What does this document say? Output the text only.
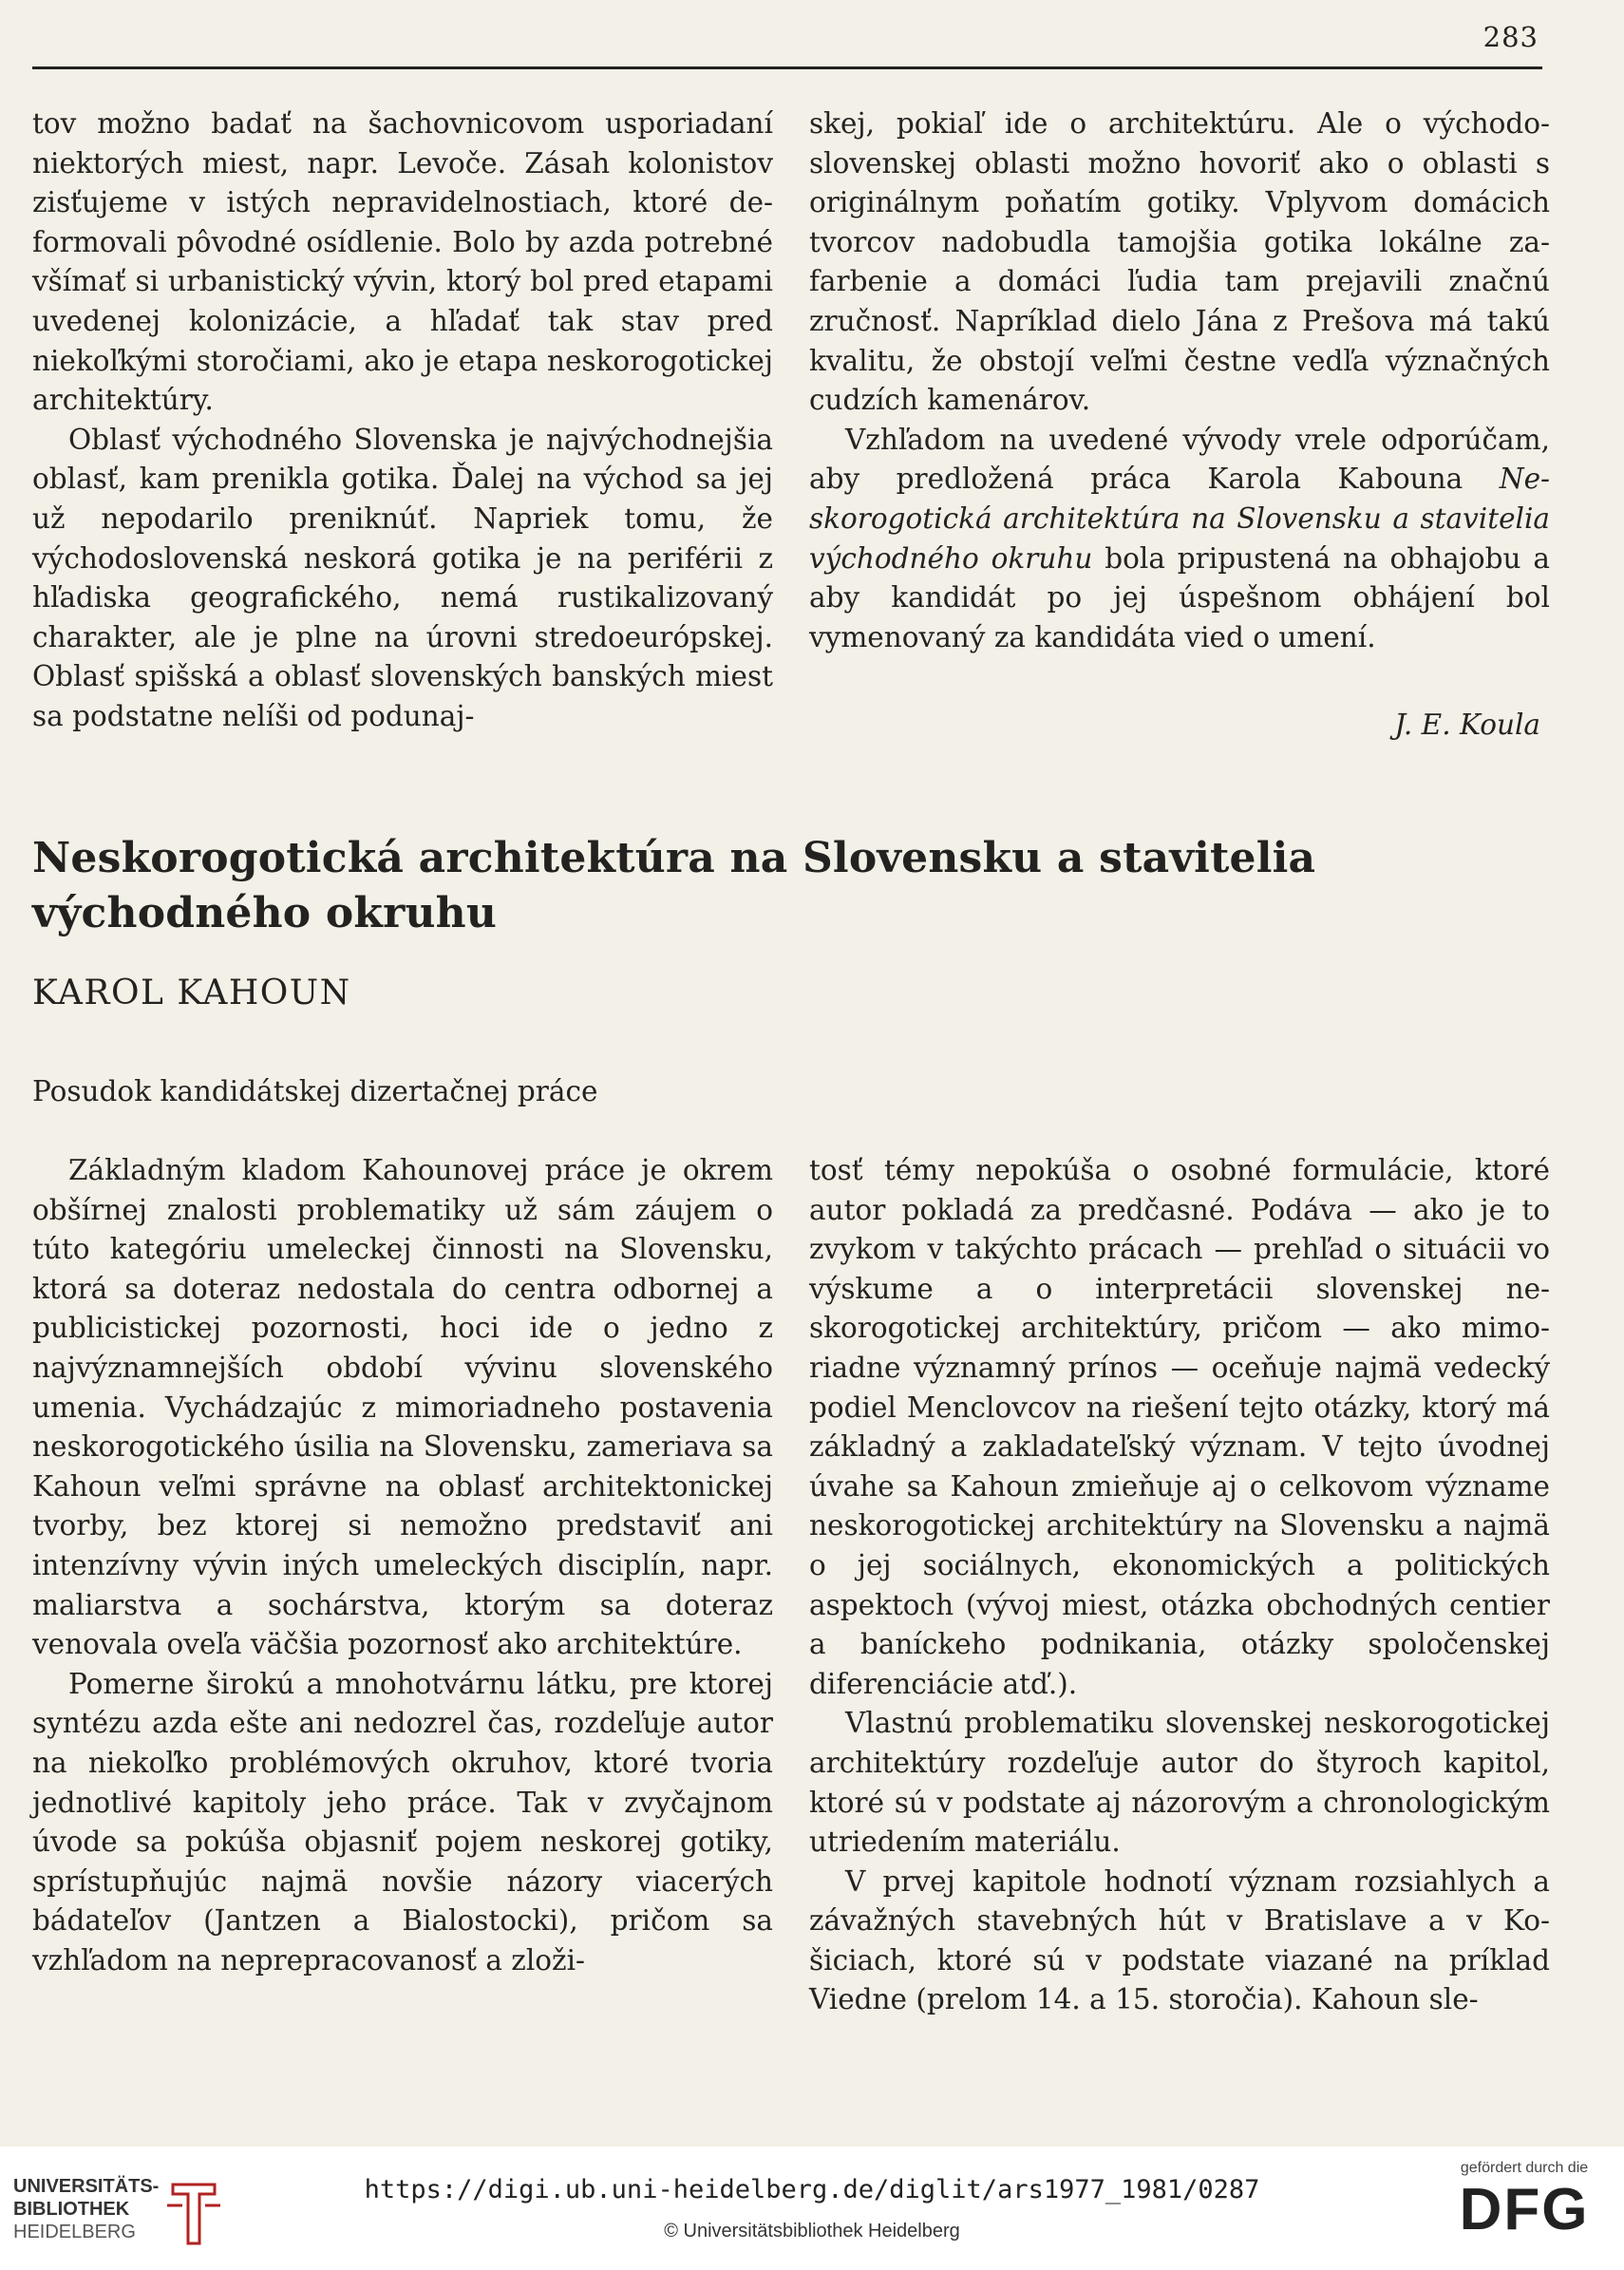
283

tov možno badať na šachovnicovom usporiadaní niektorých miest, napr. Levoče. Zásah kolonistov zisťujeme v istých nepravidelnostiach, ktoré deformovali pôvodné osídlenie. Bolo by azda potrebné všímať si urbanistický vývin, ktorý bol pred etapami uvedenej kolonizácie, a hľadať tak stav pred niekoľkými storočiami, ako je etapa neskorogotickej architektúry.

Oblasť východného Slovenska je najvýchodnejšia oblasť, kam prenikla gotika. Ďalej na východ sa jej už nepodarilo preniknúť. Napriek tomu, že východoslovenská neskorá gotika je na periférii z hľadiska geografického, nemá rustikalizovaný charakter, ale je plne na úrovni stredoeurópskej. Oblasť spišská a oblasť slovenských banských miest sa podstatne nelíši od podunaj-

skej, pokiaľ ide o architektúru. Ale o východoslovenskej oblasti možno hovoriť ako o oblasti s originálnym poňatím gotiky. Vplyvom domácich tvorcov nadobudla tamojšia gotika lokálne zafarbenie a domáci ľudia tam prejavili značnú zručnosť. Napríklad dielo Jána z Prešova má takú kvalitu, že obstojí veľmi čestne vedľa význačných cudzích kamenárov.

Vzhľadom na uvedené vývody vrele odporúčam, aby predložená práca Karola Kabouna Neskorogotická architektúra na Slovensku a stavitelia východného okruhu bola pripustená na obhajobu a aby kandidát po jej úspešnom obhájení bol vymenovaný za kandidáta vied o umení.

J. E. Koula
Neskorogotická architektúra na Slovensku a stavitelia východného okruhu
KAROL KAHOUN
Posudok kandidátskej dizertačnej práce

Základným kladom Kahounovej práce je okrem obšírnej znalosti problematiky už sám záujem o túto kategóriu umeleckej činnosti na Slovensku, ktorá sa doteraz nedostala do centra odbornej a publicistickej pozornosti, hoci ide o jedno z najvýznamnejších období vývinu slovenského umenia. Vychádzajúc z mimoriadneho postavenia neskorogotického úsilia na Slovensku, zameriava sa Kahoun veľmi správne na oblasť architektonickej tvorby, bez ktorej si nemožno predstaviť ani intenzívny vývin iných umeleckých disciplín, napr. maliarstva a sochárstva, ktorým sa doteraz venovala oveľa väčšia pozornosť ako architektúre.

Pomerne širokú a mnohotvárnu látku, pre ktorej syntézu azda ešte ani nedozrel čas, rozdeľuje autor na niekoľko problémových okruhov, ktoré tvoria jednotlivé kapitoly jeho práce. Tak v zvyčajnom úvode sa pokúša objasniť pojem neskorej gotiky, sprístupňujúc najmä novšie názory viacerých bádateľov (Jantzen a Bialostocki), pričom sa vzhľadom na neprepracovanosť a zloži-

tosť témy nepokúša o osobné formulácie, ktoré autor pokladá za predčasné. Podáva — ako je to zvykom v takýchto prácach — prehľad o situácii vo výskume a o interpretácii slovenskej neskorogotickej architektúry, pričom — ako mimoriadne významný prínos — oceňuje najmä vedecký podiel Menclovcov na riešení tejto otázky, ktorý má základný a zakladateľský význam. V tejto úvodnej úvahe sa Kahoun zmieňuje aj o celkovom význame neskorogotickej architektúry na Slovensku a najmä o jej sociálnych, ekonomických a politických aspektoch (vývoj miest, otázka obchodných centier a baníckeho podnikania, otázky spoločenskej diferenciácie atď.).

Vlastnú problematiku slovenskej neskorogotickej architektúry rozdeľuje autor do štyroch kapitol, ktoré sú v podstate aj názorovým a chronologickým utriedením materiálu.

V prvej kapitole hodnotí význam rozsiahlych a závažných stavebných hút v Bratislave a v Košiciach, ktoré sú v podstate viazané na príklad Viedne (prelom 14. a 15. storočia). Kahoun sle-

UNIVERSITÄTS-
BIBLIOTHEK
HEIDELBERG
https://digi.ub.uni-heidelberg.de/diglit/ars1977_1981/0287
© Universitätsbibliothek Heidelberg
gefördert durch die
DFG
